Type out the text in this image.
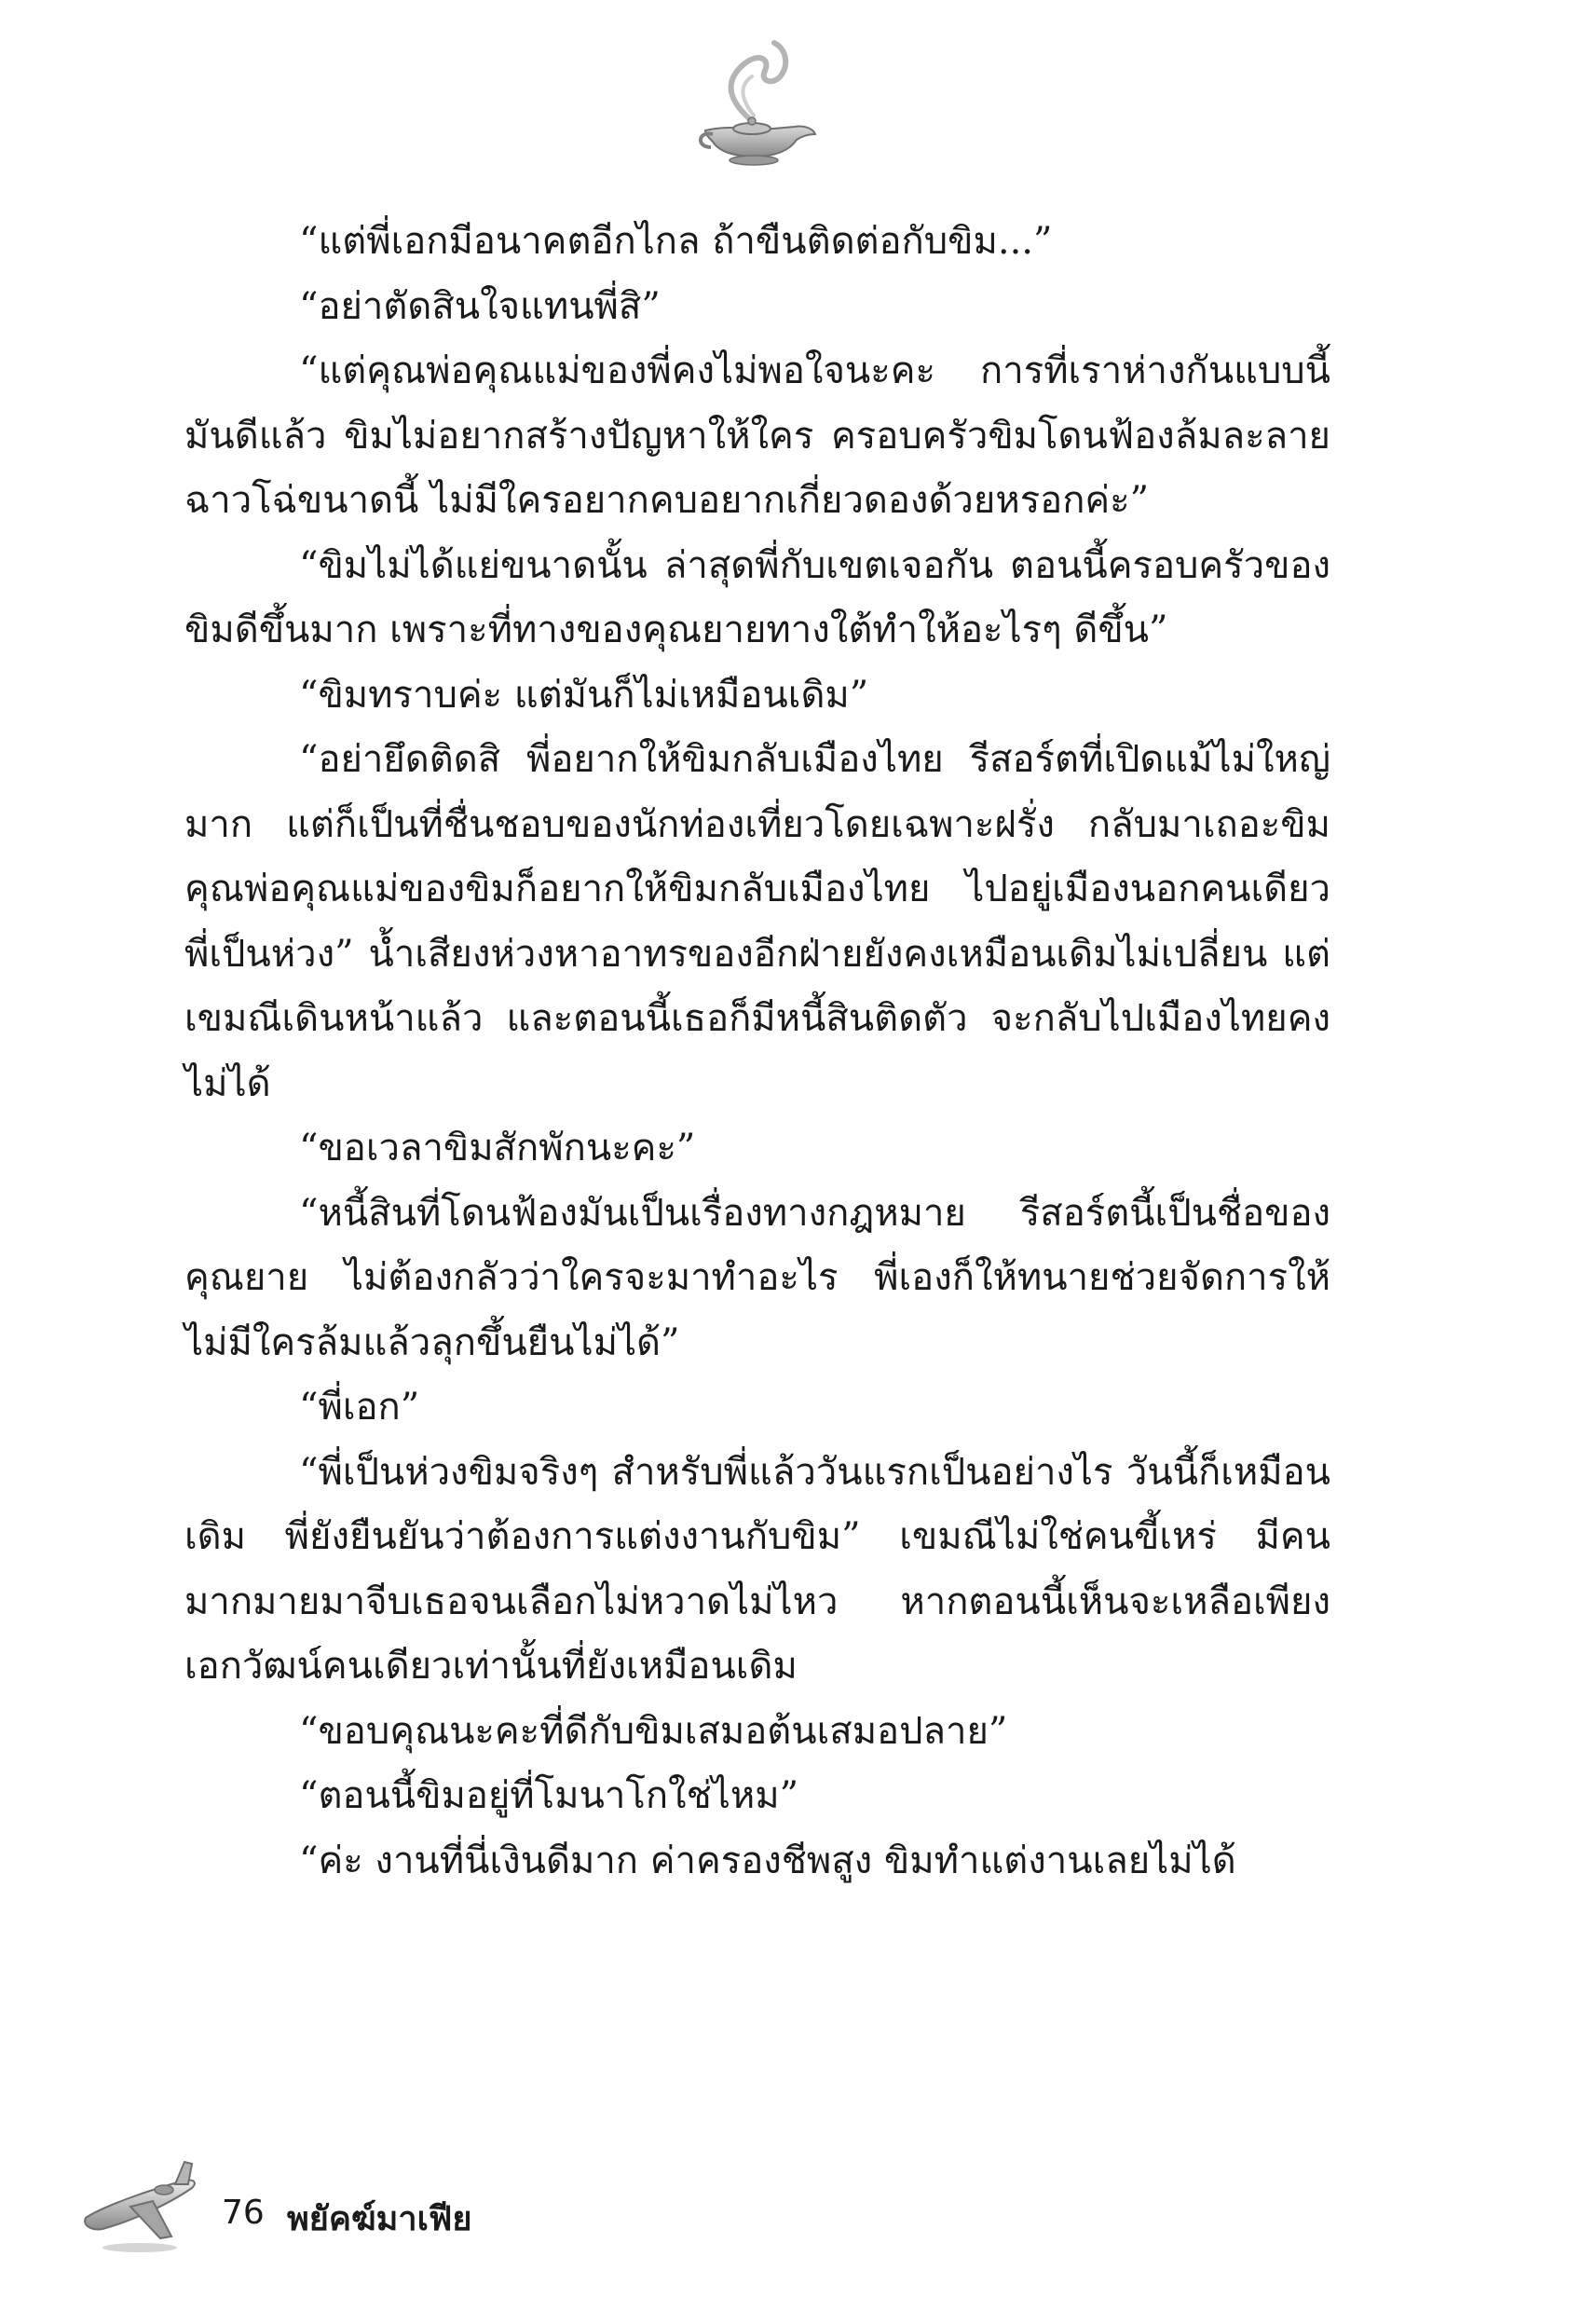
“แต่พี่เอกมีอนาคตอีกไกล ถ้าขืนติดต่อกับขิม...”

“อย่าตัดสินใจแทนพี่สิ”

“แต่คุณพ่อคุณแม่ของพี่คงไม่พอใจนะคะ การที่เราห่างกันแบบนี้มันดีแล้ว ขิมไม่อยากสร้างปัญหาให้ใคร ครอบครัวขิมโดนฟ้องล้มละลายฉาวโฉ่ขนาดนี้ ไม่มีใครอยากคบอยากเกี่ยวดองด้วยหรอกค่ะ”

“ขิมไม่ได้แย่ขนาดนั้น ล่าสุดพี่กับเขตเจอกัน ตอนนี้ครอบครัวของขิมดีขึ้นมาก เพราะที่ทางของคุณยายทางใต้ทำให้อะไรๆ ดีขึ้น”

“ขิมทราบค่ะ แต่มันก็ไม่เหมือนเดิม”

“อย่ายึดติดสิ พี่อยากให้ขิมกลับเมืองไทย รีสอร์ตที่เปิดแม้ไม่ใหญ่มาก แต่ก็เป็นที่ชื่นชอบของนักท่องเที่ยวโดยเฉพาะฝรั่ง กลับมาเถอะขิม คุณพ่อคุณแม่ของขิมก็อยากให้ขิมกลับเมืองไทย ไปอยู่เมืองนอกคนเดียวพี่เป็นห่วง” น้ำเสียงห่วงหาอาทรของอีกฝ่ายยังคงเหมือนเดิมไม่เปลี่ยน แต่เขมณีเดินหน้าแล้ว และตอนนี้เธอก็มีหนี้สินติดตัว จะกลับไปเมืองไทยคงไม่ได้

“ขอเวลาขิมสักพักนะคะ”

“หนี้สินที่โดนฟ้องมันเป็นเรื่องทางกฎหมาย รีสอร์ตนี้เป็นชื่อของคุณยาย ไม่ต้องกลัวว่าใครจะมาทำอะไร พี่เองก็ให้ทนายช่วยจัดการให้ไม่มีใครล้มแล้วลุกขึ้นยืนไม่ได้”

“พี่เอก”

“พี่เป็นห่วงขิมจริงๆ สำหรับพี่แล้ววันแรกเป็นอย่างไร วันนี้ก็เหมือนเดิม พี่ยังยืนยันว่าต้องการแต่งงานกับขิม” เขมณีไม่ใช่คนขี้เหร่ มีคนมากมายมาจีบเธอจนเลือกไม่หวาดไม่ไหว หากตอนนี้เห็นจะเหลือเพียงเอกวัฒน์คนเดียวเท่านั้นที่ยังเหมือนเดิม

“ขอบคุณนะคะที่ดีกับขิมเสมอต้นเสมอปลาย”

“ตอนนี้ขิมอยู่ที่โมนาโกใช่ไหม”

“ค่ะ งานที่นี่เงินดีมาก ค่าครองชีพสูง ขิมทำแต่งานเลยไม่ได้

76 พยัคฆ์มาเฟีย
